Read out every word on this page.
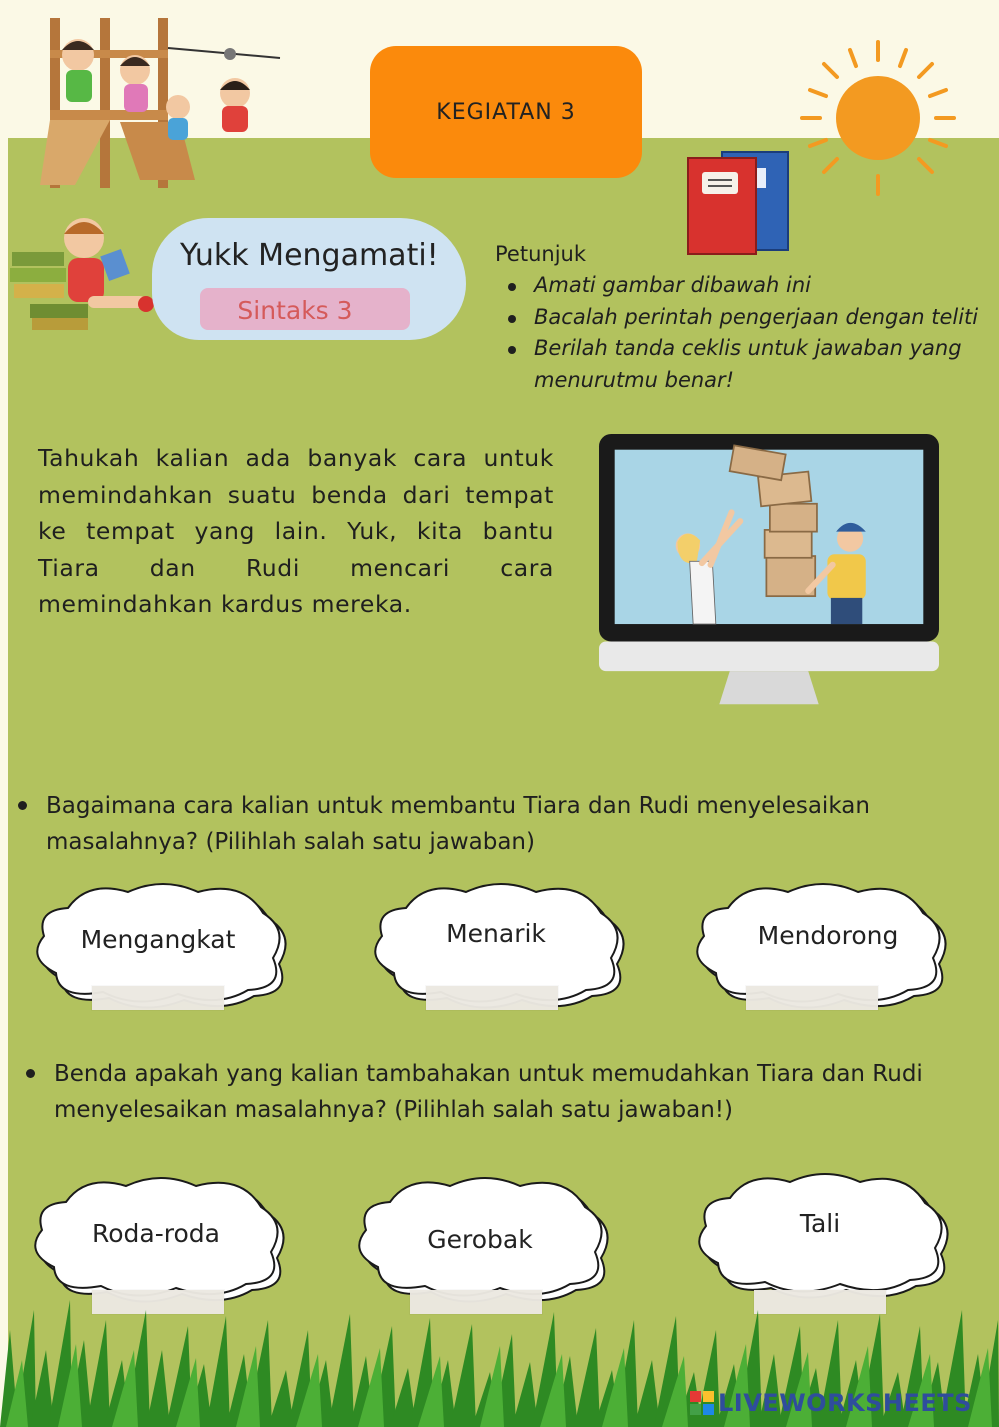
KEGIATAN 3
Yukk Mengamati!
Sintaks 3
Petunjuk
Amati gambar dibawah ini
Bacalah perintah pengerjaan dengan teliti
Berilah tanda ceklis untuk jawaban yang menurutmu benar!
Tahukah kalian ada banyak cara untuk memindahkan suatu benda dari tempat ke tempat yang lain. Yuk, kita bantu Tiara dan Rudi mencari cara memindahkan kardus mereka.
Bagaimana cara kalian untuk membantu Tiara dan Rudi menyelesaikan masalahnya? (Pilihlah salah satu jawaban)
Mengangkat	Menarik	Mendorong
Benda apakah yang kalian tambahakan untuk memudahkan Tiara dan Rudi menyelesaikan masalahnya? (Pilihlah salah satu jawaban!)
Roda-roda	Gerobak
Tali
LIVEWORKSHEETS
